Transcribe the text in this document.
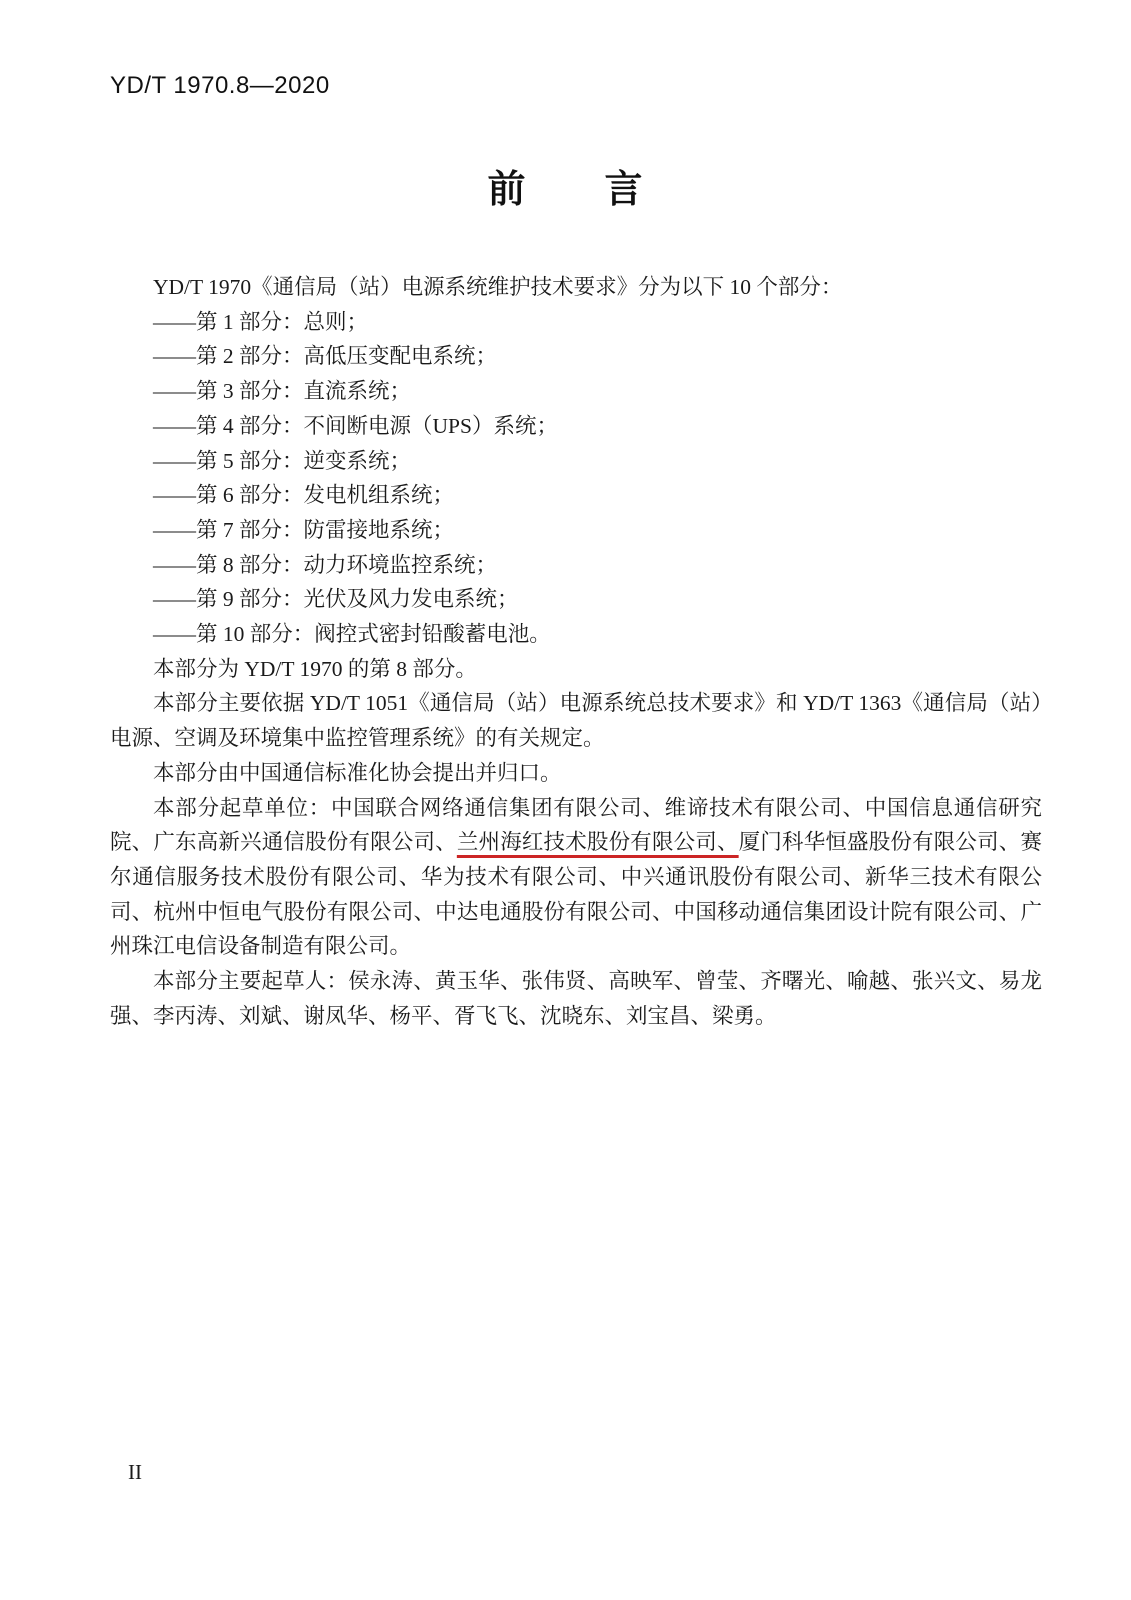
YD/T 1970.8—2020
前　　言

YD/T 1970《通信局（站）电源系统维护技术要求》分为以下 10 个部分：

——第 1 部分：总则；

——第 2 部分：高低压变配电系统；

——第 3 部分：直流系统；

——第 4 部分：不间断电源（UPS）系统；

——第 5 部分：逆变系统；

——第 6 部分：发电机组系统；

——第 7 部分：防雷接地系统；

——第 8 部分：动力环境监控系统；

——第 9 部分：光伏及风力发电系统；

——第 10 部分：阀控式密封铅酸蓄电池。

本部分为 YD/T 1970 的第 8 部分。

本部分主要依据 YD/T 1051《通信局（站）电源系统总技术要求》和 YD/T 1363《通信局（站）电源、空调及环境集中监控管理系统》的有关规定。

本部分由中国通信标准化协会提出并归口。

本部分起草单位：中国联合网络通信集团有限公司、维谛技术有限公司、中国信息通信研究院、广东高新兴通信股份有限公司、兰州海红技术股份有限公司、厦门科华恒盛股份有限公司、赛尔通信服务技术股份有限公司、华为技术有限公司、中兴通讯股份有限公司、新华三技术有限公司、杭州中恒电气股份有限公司、中达电通股份有限公司、中国移动通信集团设计院有限公司、广州珠江电信设备制造有限公司。

本部分主要起草人：侯永涛、黄玉华、张伟贤、高映军、曾莹、齐曙光、喻越、张兴文、易龙强、李丙涛、刘斌、谢凤华、杨平、胥飞飞、沈晓东、刘宝昌、梁勇。

II
